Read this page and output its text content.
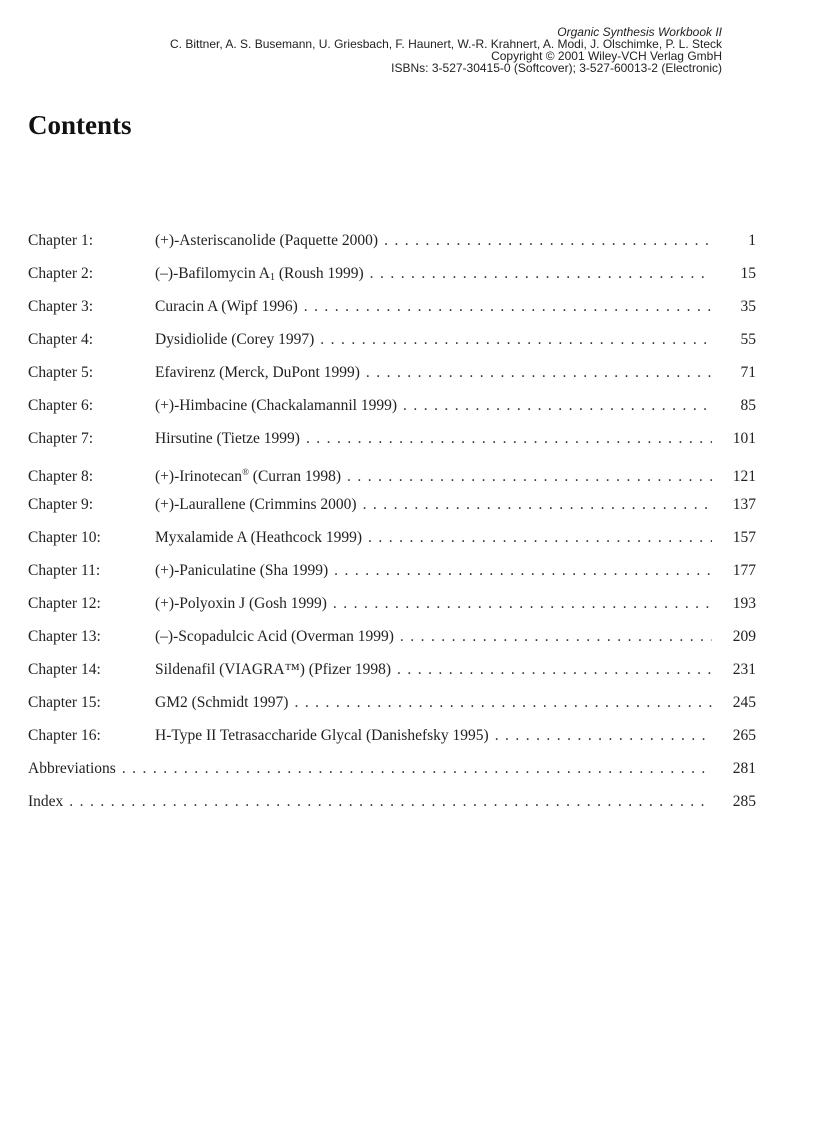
Organic Synthesis Workbook II
C. Bittner, A. S. Busemann, U. Griesbach, F. Haunert, W.-R. Krahnert, A. Modi, J. Olschimke, P. L. Steck
Copyright © 2001 Wiley-VCH Verlag GmbH
ISBNs: 3-527-30415-0 (Softcover); 3-527-60013-2 (Electronic)
Contents
Chapter 1:	(+)-Asteriscanolide (Paquette 2000) . . .	1
Chapter 2:	(–)-Bafilomycin $A_1$ (Roush 1999) . . .	15
Chapter 3:	Curacin A (Wipf 1996) . . .	35
Chapter 4:	Dysidiolide (Corey 1997) . . .	55
Chapter 5:	Efavirenz (Merck, DuPont 1999) . . .	71
Chapter 6:	(+)-Himbacine (Chackalamannil 1999) . . .	85
Chapter 7:	Hirsutine (Tietze 1999) . . .	101
Chapter 8:	(+)-Irinotecan® (Curran 1998) . . .	121
Chapter 9:	(+)-Laurallene (Crimmins 2000) . . .	137
Chapter 10:	Myxalamide A (Heathcock 1999) . . .	157
Chapter 11:	(+)-Paniculatine (Sha 1999) . . .	177
Chapter 12:	(+)-Polyoxin J (Gosh 1999) . . .	193
Chapter 13:	(–)-Scopadulcic Acid (Overman 1999) . . .	209
Chapter 14:	Sildenafil (VIAGRA™) (Pfizer 1998) . . .	231
Chapter 15:	GM2 (Schmidt 1997) . . .	245
Chapter 16:	H-Type II Tetrasaccharide Glycal (Danishefsky 1995) . . .	265
Abbreviations . . .	281
Index . . .	285
